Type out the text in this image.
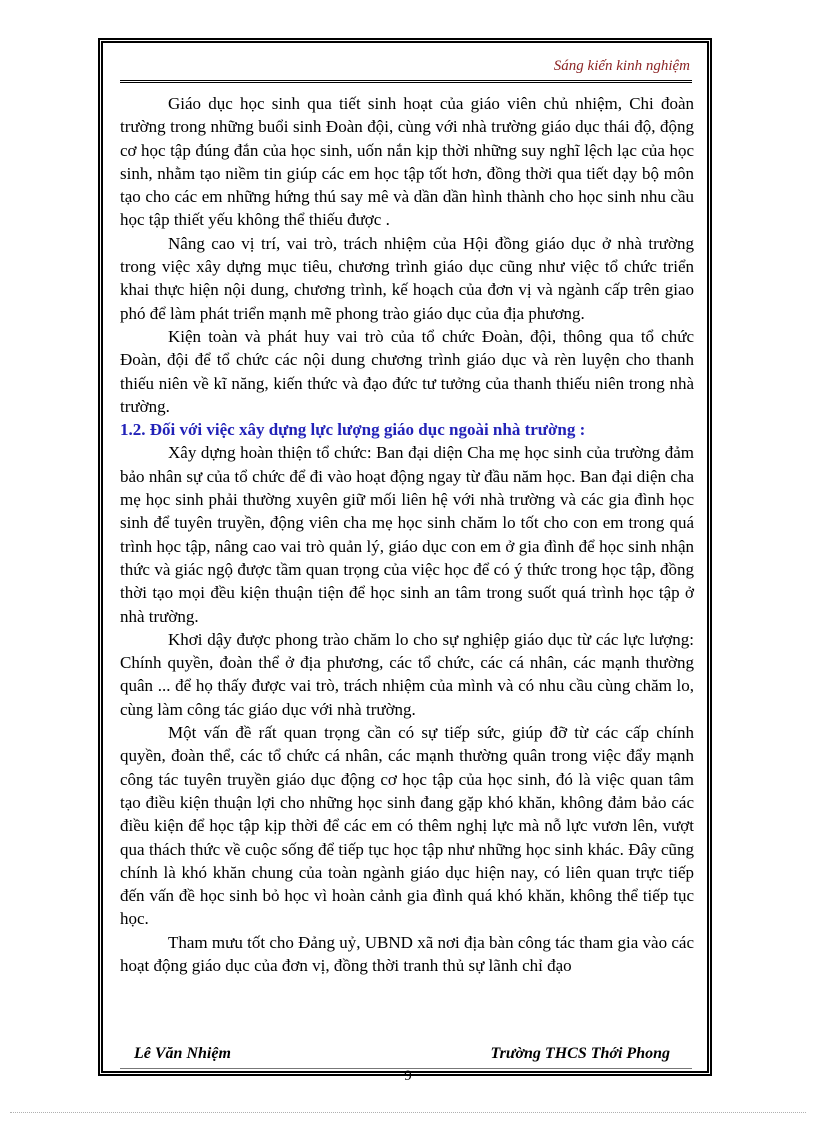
Sáng kiến kinh nghiệm

Giáo dục học sinh qua tiết sinh hoạt của giáo viên chủ nhiệm, Chi đoàn trường trong những buổi sinh Đoàn đội, cùng với nhà trường giáo dục thái độ, động cơ học tập đúng đắn của học sinh, uốn nắn kịp thời những suy nghĩ lệch lạc của học sinh, nhằm tạo niềm tin giúp các em học tập tốt hơn, đồng thời qua tiết dạy bộ môn tạo cho các em những hứng thú say mê và dần dần hình thành cho học sinh nhu cầu học tập thiết yếu không thể thiếu được .

Nâng cao vị trí, vai trò, trách nhiệm của Hội đồng giáo dục ở nhà trường trong việc xây dựng mục tiêu, chương trình giáo dục cũng như việc tổ chức triển khai thực hiện nội dung, chương trình, kế hoạch của đơn vị và ngành cấp trên giao phó để làm phát triển mạnh mẽ phong trào giáo dục của địa phương.

Kiện toàn và phát huy vai trò của tổ chức Đoàn, đội, thông qua tổ chức Đoàn, đội để tổ chức các nội dung chương trình giáo dục và rèn luyện cho thanh thiếu niên về kĩ năng, kiến thức và đạo đức tư tưởng của thanh thiếu niên trong nhà trường.

1.2. Đối với việc xây dựng lực lượng giáo dục ngoài nhà trường :

Xây dựng hoàn thiện tổ chức: Ban đại diện Cha mẹ học sinh của trường đảm bảo nhân sự của tổ chức để đi vào hoạt động ngay từ đầu năm học. Ban đại diện cha mẹ học sinh phải thường xuyên giữ mối liên hệ với nhà trường và các gia đình học sinh để tuyên truyền, động viên cha mẹ học sinh chăm lo tốt cho con em trong quá trình học tập, nâng cao vai trò quản lý, giáo dục con em ở gia đình để học sinh nhận thức và giác ngộ được tầm quan trọng của việc học để có ý thức trong học tập, đồng thời tạo mọi đều kiện thuận tiện để học sinh an tâm trong suốt quá trình học tập ở nhà trường.

Khơi dậy được phong trào chăm lo cho sự nghiệp giáo dục từ các lực lượng: Chính quyền, đoàn thể ở địa phương, các tổ chức, các cá nhân, các mạnh thường quân ... để họ thấy được vai trò, trách nhiệm của mình và có nhu cầu cùng chăm lo, cùng làm công tác giáo dục với nhà trường.

Một vấn đề rất quan trọng cần có sự tiếp sức, giúp đỡ từ các cấp chính quyền, đoàn thể, các tổ chức cá nhân, các mạnh thường quân trong việc đẩy mạnh công tác tuyên truyền giáo dục động cơ học tập của học sinh, đó là việc quan tâm tạo điều kiện thuận lợi cho những học sinh đang gặp khó khăn, không đảm bảo các điều kiện để học tập kịp thời để các em có thêm nghị lực mà nỗ lực vươn lên, vượt qua thách thức về cuộc sống để tiếp tục học tập như những học sinh khác. Đây cũng chính là khó khăn chung của toàn ngành giáo dục hiện nay, có liên quan trực tiếp đến vấn đề học sinh bỏ học vì hoàn cảnh gia đình quá khó khăn, không thể tiếp tục học.

Tham mưu tốt cho Đảng uỷ, UBND xã nơi địa bàn công tác tham gia vào các hoạt động giáo dục của đơn vị, đồng thời tranh thủ sự lãnh chỉ đạo

Lê Văn Nhiệm	Trường THCS Thới Phong
9
